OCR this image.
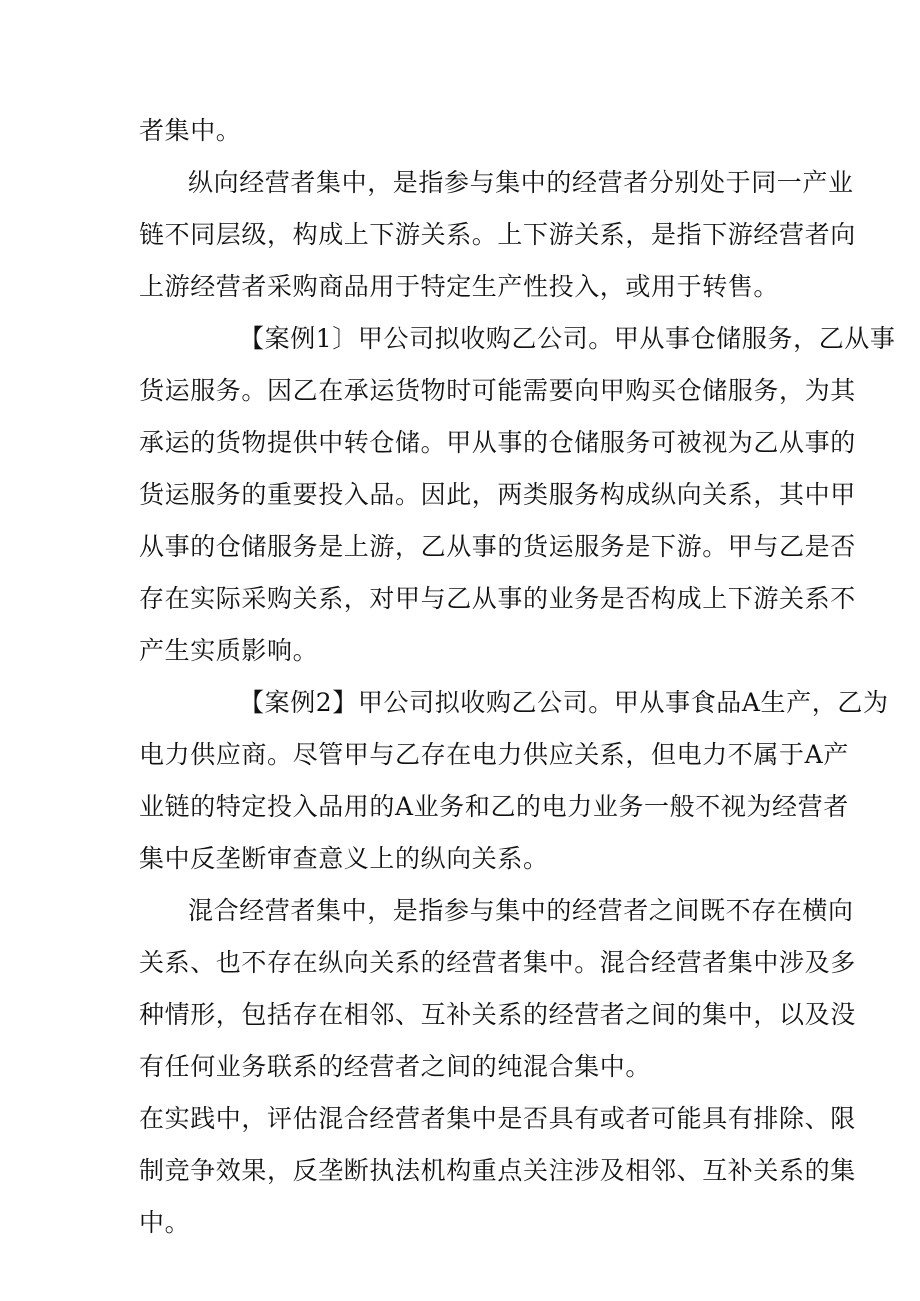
者集中。
纵向经营者集中，是指参与集中的经营者分别处于同一产业
链不同层级，构成上下游关系。上下游关系，是指下游经营者向
上游经营者采购商品用于特定生产性投入，或用于转售。
【案例1〕甲公司拟收购乙公司。甲从事仓储服务，乙从事
货运服务。因乙在承运货物时可能需要向甲购买仓储服务，为其
承运的货物提供中转仓储。甲从事的仓储服务可被视为乙从事的
货运服务的重要投入品。因此，两类服务构成纵向关系，其中甲
从事的仓储服务是上游，乙从事的货运服务是下游。甲与乙是否
存在实际采购关系，对甲与乙从事的业务是否构成上下游关系不
产生实质影响。
【案例2】甲公司拟收购乙公司。甲从事食品A生产，乙为
电力供应商。尽管甲与乙存在电力供应关系，但电力不属于A产
业链的特定投入品用的A业务和乙的电力业务一般不视为经营者
集中反垄断审查意义上的纵向关系。
混合经营者集中，是指参与集中的经营者之间既不存在横向
关系、也不存在纵向关系的经营者集中。混合经营者集中涉及多
种情形，包括存在相邻、互补关系的经营者之间的集中，以及没
有任何业务联系的经营者之间的纯混合集中。
在实践中，评估混合经营者集中是否具有或者可能具有排除、限
制竞争效果，反垄断执法机构重点关注涉及相邻、互补关系的集
中。
